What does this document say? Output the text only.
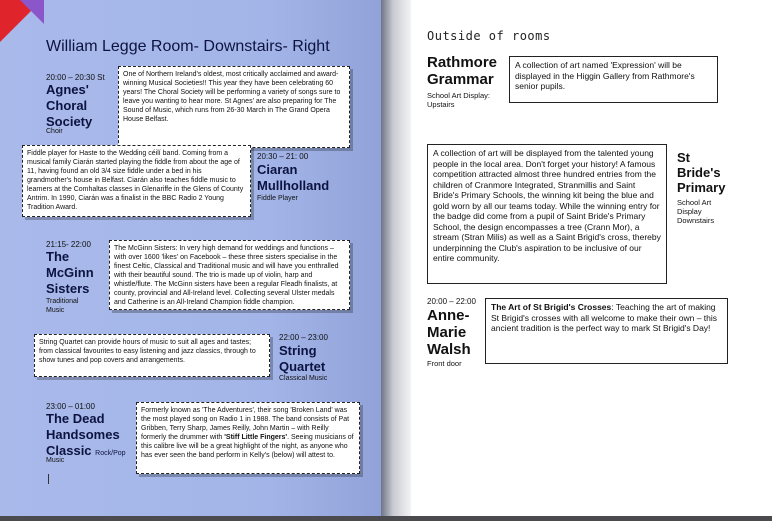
William Legge Room- Downstairs- Right
20:00 – 20:30 St
Agnes'
Choral
Society
Choir
One of Northern Ireland's oldest, most critically acclaimed and award-winning Musical Societies!! This year they have been celebrating 60 years! The Choral Society will be performing a variety of songs sure to leave you wanting to hear more. St Agnes' are also preparing for The Sound of Music, which runs from 26-30 March in The Grand Opera House Belfast.
Fiddle player for Haste to the Wedding céilí band. Coming from a musical family Ciarán started playing the fiddle from about the age of 11, having found an old 3/4 size fiddle under a bed in his grandmother's house in Belfast. Ciarán also teaches fiddle music to learners at the Comhaltas classes in Glenariffe in the Glens of County Antrim. In 1990, Ciarán was a finalist in the BBC Radio 2 Young Tradition Award.
20:30 – 21: 00
Ciaran
Mullholland
Fiddle Player
21:15- 22:00
The
McGinn
Sisters
Traditional
Music
The McGinn Sisters: In very high demand for weddings and functions – with over 1600 'likes' on Facebook – these three sisters specialise in the finest Celtic, Classical and Traditional music and will have you enthralled with their beautiful sound. The trio is made up of violin, harp and whistle/flute. The McGinn sisters have been a regular Fleadh finalists, at county, provincial and All-Ireland level. Collecting several Ulster medals and Catherine is an All-Ireland Champion fiddle champion.
String Quartet can provide hours of music to suit all ages and tastes; from classical favourites to easy listening and jazz classics, through to show tunes and pop covers and arrangements.
22:00 – 23:00
String
Quartet
Classical Music
23:00 – 01:00
The Dead
Handsomes
Classic Rock/Pop
Music
Formerly known as 'The Adventures', their song 'Broken Land' was the most played song on Radio 1 in 1988. The band consists of Pat Gribben, Terry Sharp, James Reilly, John Martin – with Reilly formerly the drummer with 'Stiff Little Fingers'. Seeing musicians of this calibre live will be a great highlight of the night, as anyone who has ever seen the band perform in Kelly's (below) will attest to.
Outside of rooms
Rathmore
Grammar
School Art Display:
Upstairs
A collection of art named 'Expression' will be displayed in the Higgin Gallery from Rathmore's senior pupils.
A collection of art will be displayed from the talented young people in the local area. Don't forget your history! A famous competition attracted almost three hundred entries from the children of Cranmore Integrated, Stranmillis and Saint Bride's Primary Schools, the winning kit being the blue and gold worn by all our teams today. While the winning entry for the badge did come from a pupil of Saint Bride's Primary School, the design encompasses a tree (Crann Mor), a stream (Stran Milis) as well as a Saint Brigid's cross, thereby underpinning the Club's aspiration to be inclusive of our entire community.
St
Bride's
Primary
School Art
Display
Downstairs
20:00 – 22:00
Anne-
Marie
Walsh
Front door
The Art of St Brigid's Crosses: Teaching the art of making St Brigid's crosses with all welcome to make their own – this ancient tradition is the perfect way to mark St Brigid's Day!
